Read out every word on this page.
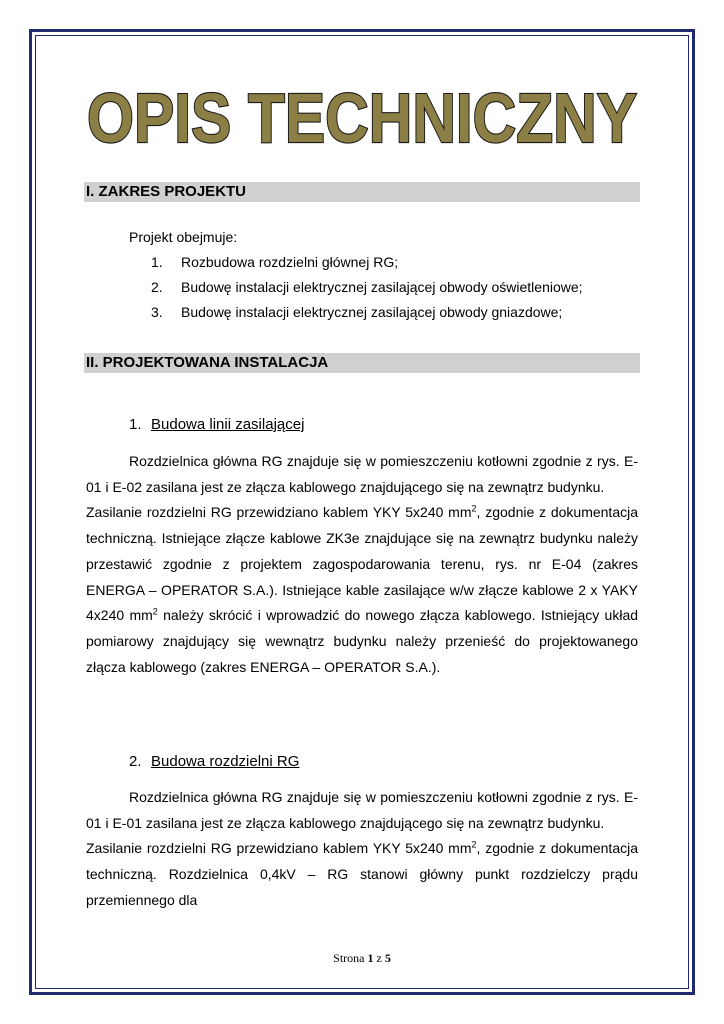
OPIS TECHNICZNY
I. ZAKRES PROJEKTU
Projekt obejmuje:
1. Rozbudowa rozdzielni głównej RG;
2. Budowę instalacji elektrycznej zasilającej obwody oświetleniowe;
3. Budowę instalacji elektrycznej zasilającej obwody gniazdowe;
II. PROJEKTOWANA INSTALACJA
1. Budowa linii zasilającej

Rozdzielnica główna RG znajduje się w pomieszczeniu kotłowni zgodnie z rys. E-01 i E-02 zasilana jest ze złącza kablowego znajdującego się na zewnątrz budynku.

Zasilanie rozdzielni RG przewidziano kablem YKY 5x240 $mm^2$, zgodnie z dokumentacja techniczną. Istniejące złącze kablowe ZK3e znajdujące się na zewnątrz budynku należy przestawić zgodnie z projektem zagospodarowania terenu, rys. nr E-04 (zakres ENERGA – OPERATOR S.A.). Istniejące kable zasilające w/w złącze kablowe 2 x YAKY 4x240 $mm^2$ należy skrócić i wprowadzić do nowego złącza kablowego. Istniejący układ pomiarowy znajdujący się wewnątrz budynku należy przenieść do projektowanego złącza kablowego (zakres ENERGA – OPERATOR S.A.).

2. Budowa rozdzielni RG

Rozdzielnica główna RG znajduje się w pomieszczeniu kotłowni zgodnie z rys. E-01 i E-01 zasilana jest ze złącza kablowego znajdującego się na zewnątrz budynku.

Zasilanie rozdzielni RG przewidziano kablem YKY 5x240 $mm^2$, zgodnie z dokumentacja techniczną. Rozdzielnica 0,4kV – RG stanowi główny punkt rozdzielczy prądu przemiennego dla

Strona 1 z 5
